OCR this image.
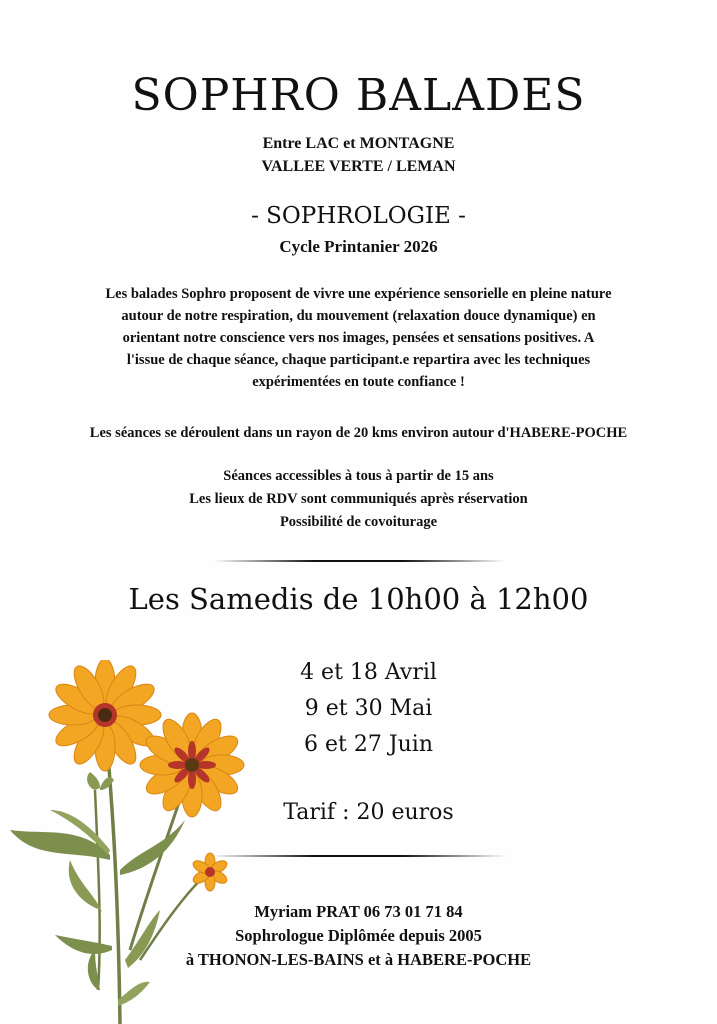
SOPHRO BALADES
Entre LAC et MONTAGNE
VALLEE VERTE / LEMAN
- SOPHROLOGIE -
Cycle Printanier 2026
Les balades Sophro proposent de vivre une expérience sensorielle en pleine nature
autour de notre respiration, du mouvement (relaxation douce dynamique) en
orientant notre conscience vers nos images, pensées et sensations positives. A
l'issue de chaque séance, chaque participant.e repartira avec les techniques
expérimentées en toute confiance !
Les séances se déroulent dans un rayon de 20 kms environ autour d'HABERE-POCHE
Séances accessibles à tous à partir de 15 ans
Les lieux de RDV sont communiqués après réservation
Possibilité de covoiturage
Les Samedis de 10h00 à 12h00
4 et 18 Avril
9 et 30 Mai
6 et 27 Juin
Tarif : 20 euros
Myriam PRAT 06 73 01 71 84
Sophrologue Diplômée depuis 2005
à THONON-LES-BAINS et à HABERE-POCHE
